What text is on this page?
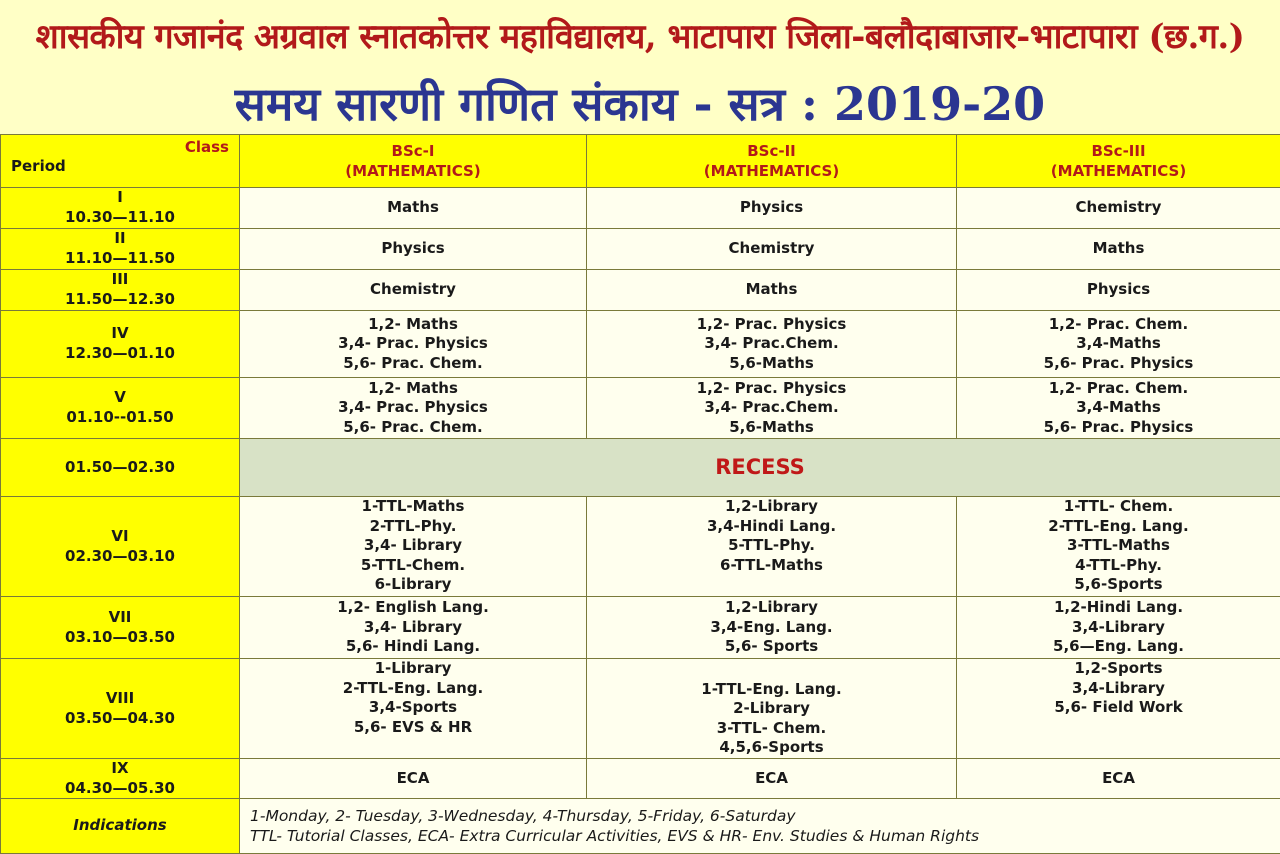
शासकीय गजानंद अग्रवाल स्नातकोत्तर महाविद्यालय, भाटापारा जिला-बलौदाबाजार-भाटापारा (छ.ग.)
समय सारणी गणित संकाय - सत्र : 2019-20
Class
Period	BSc-I
(MATHEMATICS)	BSc-II
(MATHEMATICS)	BSc-III
(MATHEMATICS)

I
10.30—11.10	Maths	Physics	Chemistry

II
11.10—11.50	Physics	Chemistry	Maths

III
11.50—12.30	Chemistry	Maths	Physics

IV
12.30—01.10	1,2- Maths
3,4- Prac. Physics
5,6- Prac. Chem.	1,2- Prac. Physics
3,4- Prac.Chem.
5,6-Maths	1,2- Prac. Chem.
3,4-Maths
5,6- Prac. Physics

V
01.10--01.50	1,2- Maths
3,4- Prac. Physics
5,6- Prac. Chem.	1,2- Prac. Physics
3,4- Prac.Chem.
5,6-Maths	1,2- Prac. Chem.
3,4-Maths
5,6- Prac. Physics

01.50—02.30	RECESS		

VI
02.30—03.10	1-TTL-Maths
2-TTL-Phy.
3,4- Library
5-TTL-Chem.
6-Library	1,2-Library
3,4-Hindi Lang.
5-TTL-Phy.
6-TTL-Maths	1-TTL- Chem.
2-TTL-Eng. Lang.
3-TTL-Maths
4-TTL-Phy.
5,6-Sports

VII
03.10—03.50	1,2- English Lang.
3,4- Library
5,6- Hindi Lang.	1,2-Library
3,4-Eng. Lang.
5,6- Sports	1,2-Hindi Lang.
3,4-Library
5,6—Eng. Lang.

VIII
03.50—04.30	1-Library
2-TTL-Eng. Lang.
3,4-Sports
5,6- EVS & HR	1-TTL-Eng. Lang.
2-Library
3-TTL- Chem.
4,5,6-Sports	1,2-Sports
3,4-Library
5,6- Field Work

IX
04.30—05.30	ECA	ECA	ECA

Indications	1-Monday, 2- Tuesday, 3-Wednesday, 4-Thursday, 5-Friday, 6-Saturday
TTL- Tutorial Classes, ECA- Extra Curricular Activities, EVS & HR- Env. Studies & Human Rights		
